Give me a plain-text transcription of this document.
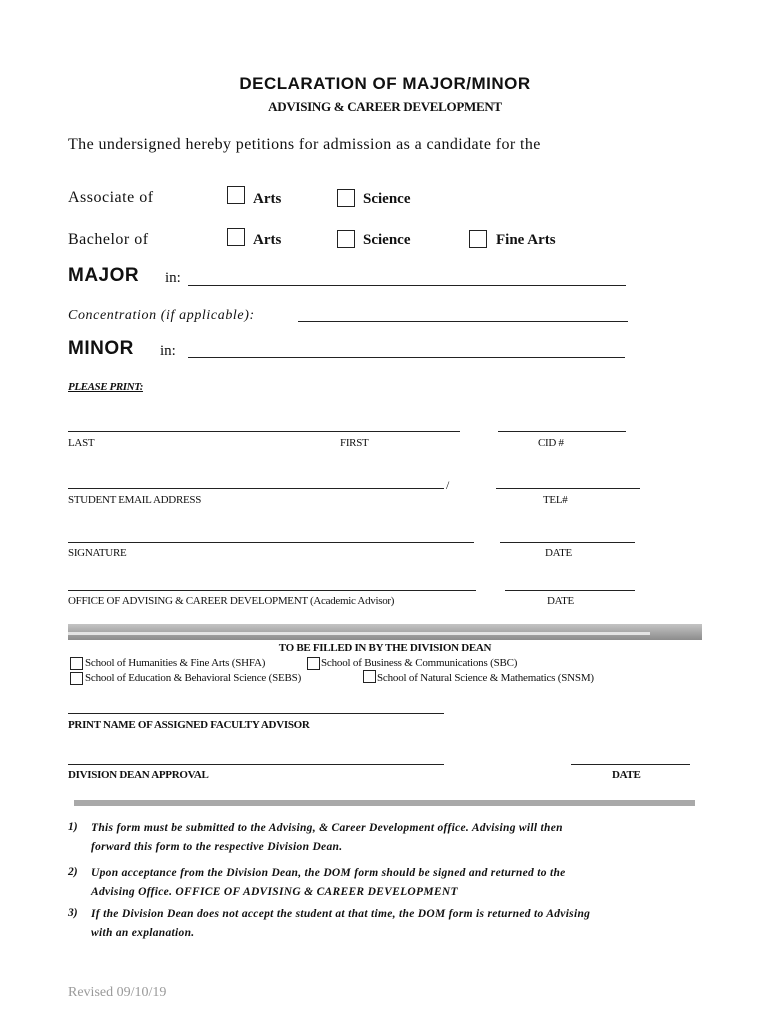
DECLARATION OF MAJOR/MINOR
ADVISING & CAREER DEVELOPMENT
The undersigned hereby petitions for admission as a candidate for the
Associate of	Arts	Science
Bachelor of	Arts	Science	Fine Arts
MAJOR in:
Concentration (if applicable):
MINOR in:
PLEASE PRINT:
LAST	FIRST	CID #
/
STUDENT EMAIL ADDRESS	TEL#
SIGNATURE	DATE
OFFICE OF ADVISING & CAREER DEVELOPMENT (Academic Advisor)	DATE
TO BE FILLED IN BY THE DIVISION DEAN
School of Humanities & Fine Arts (SHFA)	School of Business & Communications (SBC)
School of Education & Behavioral Science (SEBS)	School of Natural Science & Mathematics (SNSM)
PRINT NAME OF ASSIGNED FACULTY ADVISOR
DIVISION DEAN APPROVAL	DATE
1) This form must be submitted to the Advising, & Career Development office. Advising will then
forward this form to the respective Division Dean.
2) Upon acceptance from the Division Dean, the DOM form should be signed and returned to the
Advising Office. OFFICE OF ADVISING & CAREER DEVELOPMENT
3) If the Division Dean does not accept the student at that time, the DOM form is returned to Advising
with an explanation.
Revised 09/10/19
